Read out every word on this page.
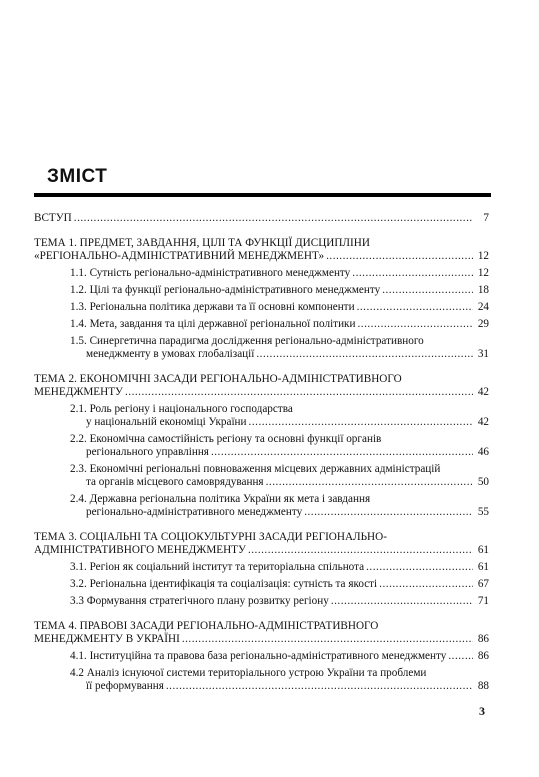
ЗМІСТ
ВСТУП .....	7
ТЕМА 1. ПРЕДМЕТ, ЗАВДАННЯ, ЦІЛІ ТА ФУНКЦІЇ ДИСЦИПЛІНИ
«РЕГІОНАЛЬНО-АДМІНІСТРАТИВНИЙ МЕНЕДЖМЕНТ» .....	12
1.1. Сутність регіонально-адміністративного менеджменту .....	12
1.2. Цілі та функції регіонально-адміністративного менеджменту .....	18
1.3. Регіональна політика держави та її основні компоненти .....	24
1.4. Мета, завдання та цілі державної регіональної політики .....	29
1.5. Синергетична парадигма дослідження регіонально-адміністративного
менеджменту в умовах глобалізації .....	31
ТЕМА 2. ЕКОНОМІЧНІ ЗАСАДИ РЕГІОНАЛЬНО-АДМІНІСТРАТИВНОГО
МЕНЕДЖМЕНТУ .....	42
2.1. Роль регіону і національного господарства
у національній економіці України .....	42
2.2. Економічна самостійність регіону та основні функції органів
регіонального управління .....	46
2.3. Економічні регіональні повноваження місцевих державних адміністрацій
та органів місцевого самоврядування .....	50
2.4. Державна регіональна політика України як мета і завдання
регіонально-адміністративного менеджменту .....	55
ТЕМА 3. СОЦІАЛЬНІ ТА СОЦІОКУЛЬТУРНІ ЗАСАДИ РЕГІОНАЛЬНО-
АДМІНІСТРАТИВНОГО МЕНЕДЖМЕНТУ .....	61
3.1. Регіон як соціальний інститут та територіальна спільнота .....	61
3.2. Регіональна ідентифікація та соціалізація: сутність та якості .....	67
3.3 Формування стратегічного плану розвитку регіону .....	71
ТЕМА 4. ПРАВОВІ ЗАСАДИ РЕГІОНАЛЬНО-АДМІНІСТРАТИВНОГО
МЕНЕДЖМЕНТУ В УКРАЇНІ .....	86
4.1. Інституційна та правова база регіонально-адміністративного менеджменту .....	86
4.2 Аналіз існуючої системи територіального устрою України та проблеми
її реформування .....	88
3
